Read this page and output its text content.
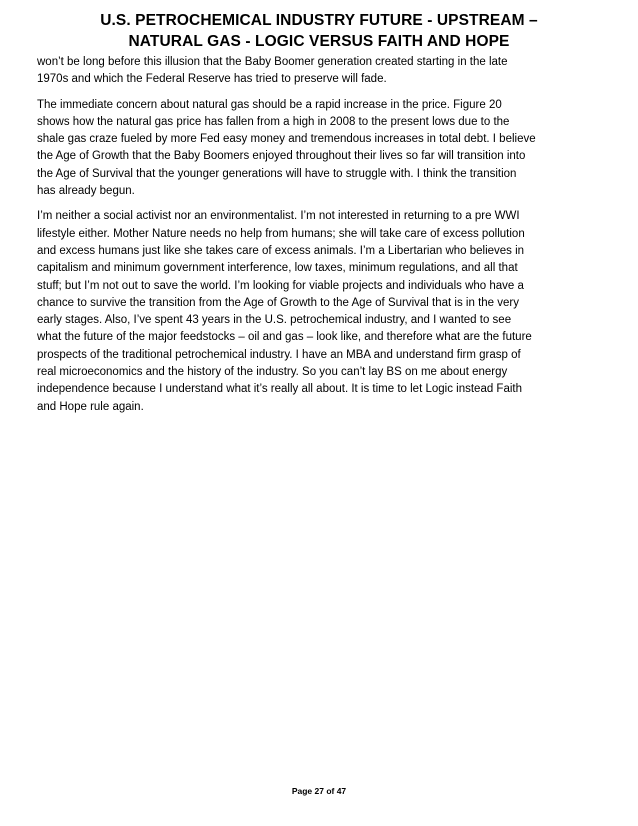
U.S. PETROCHEMICAL INDUSTRY FUTURE - UPSTREAM –
NATURAL GAS - LOGIC VERSUS FAITH AND HOPE

won’t be long before this illusion that the Baby Boomer generation created starting in the late
1970s and which the Federal Reserve has tried to preserve will fade.

The immediate concern about natural gas should be a rapid increase in the price. Figure 20
shows how the natural gas price has fallen from a high in 2008 to the present lows due to the
shale gas craze fueled by more Fed easy money and tremendous increases in total debt. I believe
the Age of Growth that the Baby Boomers enjoyed throughout their lives so far will transition into
the Age of Survival that the younger generations will have to struggle with. I think the transition
has already begun.

I’m neither a social activist nor an environmentalist. I’m not interested in returning to a pre WWI
lifestyle either. Mother Nature needs no help from humans; she will take care of excess pollution
and excess humans just like she takes care of excess animals. I’m a Libertarian who believes in
capitalism and minimum government interference, low taxes, minimum regulations, and all that
stuff; but I’m not out to save the world. I’m looking for viable projects and individuals who have a
chance to survive the transition from the Age of Growth to the Age of Survival that is in the very
early stages. Also, I’ve spent 43 years in the U.S. petrochemical industry, and I wanted to see
what the future of the major feedstocks – oil and gas – look like, and therefore what are the future
prospects of the traditional petrochemical industry. I have an MBA and understand firm grasp of
real microeconomics and the history of the industry. So you can’t lay BS on me about energy
independence because I understand what it’s really all about. It is time to let Logic instead Faith
and Hope rule again.

Page 27 of 47
